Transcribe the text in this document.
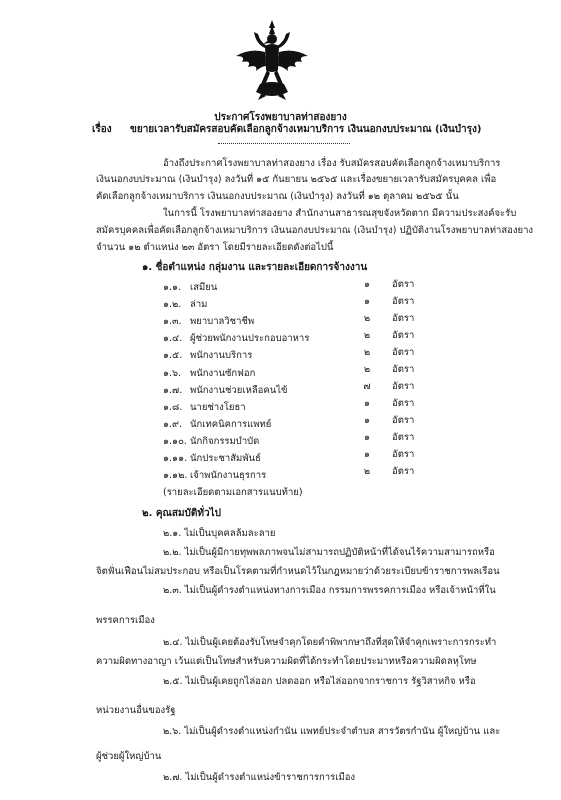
ประกาศโรงพยาบาลท่าสองยาง
เรื่อง ขยายเวลารับสมัครสอบคัดเลือกลูกจ้างเหมาบริการ เงินนอกงบประมาณ (เงินบำรุง)
อ้างถึงประกาศโรงพยาบาลท่าสองยาง เรื่อง รับสมัครสอบคัดเลือกลูกจ้างเหมาบริการ
เงินนอกงบประมาณ (เงินบำรุง) ลงวันที่ ๑๕ กันยายน ๒๕๖๕ และเรื่องขยายเวลารับสมัครบุคคล เพื่อ
คัดเลือกลูกจ้างเหมาบริการ เงินนอกงบประมาณ (เงินบำรุง) ลงวันที่ ๑๒ ตุลาคม ๒๕๖๕ นั้น
ในการนี้ โรงพยาบาลท่าสองยาง สำนักงานสาธารณสุขจังหวัดตาก มีความประสงค์จะรับ
สมัครบุคคลเพื่อคัดเลือกลูกจ้างเหมาบริการ เงินนอกงบประมาณ (เงินบำรุง) ปฏิบัติงานโรงพยาบาลท่าสองยาง
จำนวน ๑๒ ตำแหน่ง ๒๓ อัตรา โดยมีรายละเอียดดังต่อไปนี้
๑. ชื่อตำแหน่ง กลุ่มงาน และรายละเอียดการจ้างงาน
๑.๑. เสมียน	๑	อัตรา
๑.๒. ล่าม	๑	อัตรา
๑.๓. พยาบาลวิชาชีพ	๒	อัตรา
๑.๔. ผู้ช่วยพนักงานประกอบอาหาร	๒	อัตรา
๑.๕. พนักงานบริการ	๒	อัตรา
๑.๖. พนักงานซักฟอก	๒	อัตรา
๑.๗. พนักงานช่วยเหลือคนไข้	๗	อัตรา
๑.๘. นายช่างโยธา	๑	อัตรา
๑.๙. นักเทคนิคการแพทย์	๑	อัตรา
๑.๑๐. นักกิจกรรมบำบัด	๑	อัตรา
๑.๑๑. นักประชาสัมพันธ์	๑	อัตรา
๑.๑๒. เจ้าพนักงานธุรการ	๒	อัตรา
(รายละเอียดตามเอกสารแนบท้าย)
๒. คุณสมบัติทั่วไป
๒.๑. ไม่เป็นบุคคลล้มละลาย
๒.๒. ไม่เป็นผู้มีกายทุพพลภาพจนไม่สามารถปฏิบัติหน้าที่ได้จนไร้ความสามารถหรือ
จิตฟั่นเฟือนไม่สมประกอบ หรือเป็นโรคตามที่กำหนดไว้ในกฎหมายว่าด้วยระเบียบข้าราชการพลเรือน
๒.๓. ไม่เป็นผู้ดำรงตำแหน่งทางการเมือง กรรมการพรรคการเมือง หรือเจ้าหน้าที่ใน
พรรคการเมือง
๒.๔. ไม่เป็นผู้เคยต้องรับโทษจำคุกโดยคำพิพากษาถึงที่สุดให้จำคุกเพราะการกระทำ
ความผิดทางอาญา เว้นแต่เป็นโทษสำหรับความผิดที่ได้กระทำโดยประมาทหรือความผิดลหุโทษ
๒.๕. ไม่เป็นผู้เคยถูกไล่ออก ปลดออก หรือไล่ออกจากราชการ รัฐวิสาหกิจ หรือ
หน่วยงานอื่นของรัฐ
๒.๖. ไม่เป็นผู้ดำรงตำแหน่งกำนัน แพทย์ประจำตำบล สารวัตรกำนัน ผู้ใหญ่บ้าน และ
ผู้ช่วยผู้ใหญ่บ้าน
๒.๗. ไม่เป็นผู้ดำรงตำแหน่งข้าราชการการเมือง
